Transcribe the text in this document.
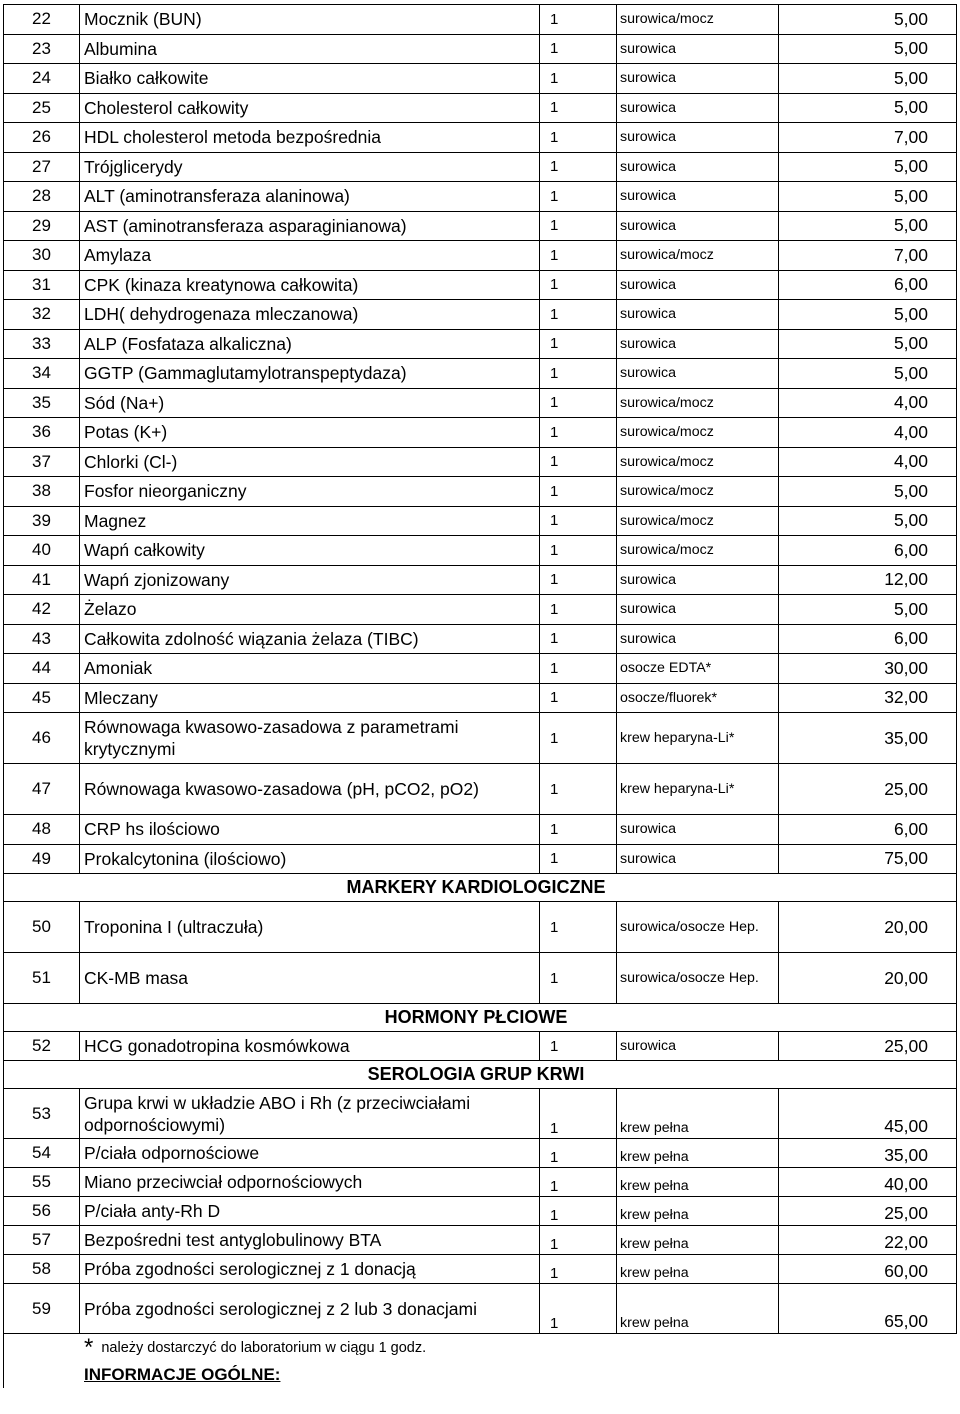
22	Mocznik (BUN)	1	surowica/mocz	5,00
23	Albumina	1	surowica	5,00
24	Białko całkowite	1	surowica	5,00
25	Cholesterol całkowity	1	surowica	5,00
26	HDL cholesterol metoda bezpośrednia	1	surowica	7,00
27	Trójglicerydy	1	surowica	5,00
28	ALT (aminotransferaza alaninowa)	1	surowica	5,00
29	AST (aminotransferaza asparaginianowa)	1	surowica	5,00
30	Amylaza	1	surowica/mocz	7,00
31	CPK (kinaza kreatynowa całkowita)	1	surowica	6,00
32	LDH( dehydrogenaza mleczanowa)	1	surowica	5,00
33	ALP (Fosfataza alkaliczna)	1	surowica	5,00
34	GGTP (Gammaglutamylotranspeptydaza)	1	surowica	5,00
35	Sód (Na+)	1	surowica/mocz	4,00
36	Potas (K+)	1	surowica/mocz	4,00
37	Chlorki (Cl-)	1	surowica/mocz	4,00
38	Fosfor nieorganiczny	1	surowica/mocz	5,00
39	Magnez	1	surowica/mocz	5,00
40	Wapń całkowity	1	surowica/mocz	6,00
41	Wapń zjonizowany	1	surowica	12,00
42	Żelazo	1	surowica	5,00
43	Całkowita zdolność wiązania żelaza (TIBC)	1	surowica	6,00
44	Amoniak	1	osocze EDTA*	30,00
45	Mleczany	1	osocze/fluorek*	32,00
46	Równowaga kwasowo-zasadowa z parametrami krytycznymi	1	krew heparyna-Li*	35,00
47	Równowaga kwasowo-zasadowa (pH, pCO2, pO2)	1	krew heparyna-Li*	25,00
48	CRP hs ilościowo	1	surowica	6,00
49	Prokalcytonina (ilościowo)	1	surowica	75,00
MARKERY KARDIOLOGICZNE				
50	Troponina I (ultraczuła)	1	surowica/osocze Hep.	20,00
51	CK-MB masa	1	surowica/osocze Hep.	20,00
HORMONY PŁCIOWE				
52	HCG gonadotropina kosmówkowa	1	surowica	25,00
SEROLOGIA GRUP KRWI				
53	Grupa krwi w układzie ABO i Rh (z przeciwciałami odpornościowymi)	1	krew pełna	45,00
54	P/ciała odpornościowe	1	krew pełna	35,00
55	Miano przeciwciał odpornościowych	1	krew pełna	40,00
56	P/ciała anty-Rh D	1	krew pełna	25,00
57	Bezpośredni test antyglobulinowy BTA	1	krew pełna	22,00
58	Próba zgodności serologicznej z 1 donacją	1	krew pełna	60,00
59	Próba zgodności serologicznej z 2 lub 3 donacjami	1	krew pełna	65,00
* należy dostarczyć do laboratorium w ciągu 1 godz.				
INFORMACJE OGÓLNE:				
